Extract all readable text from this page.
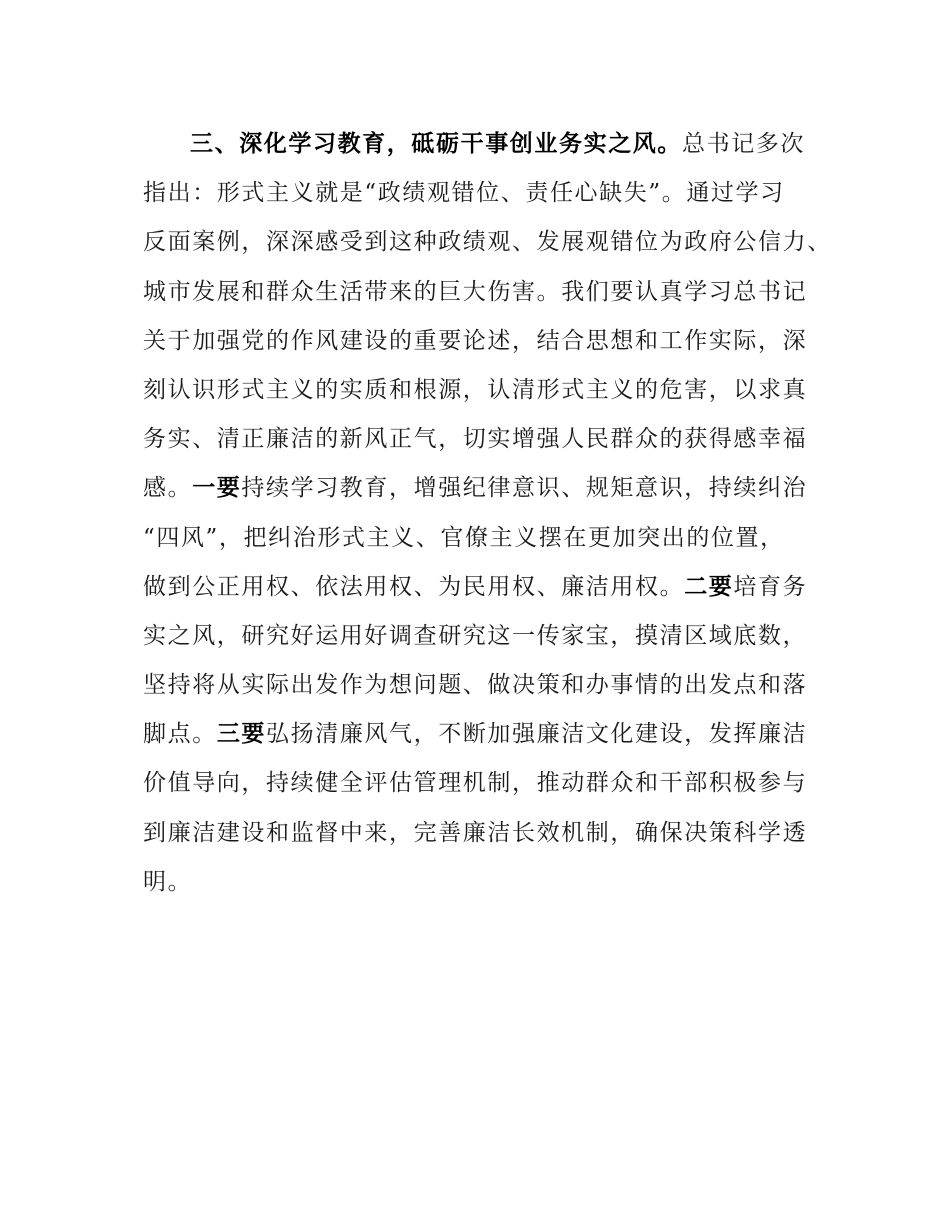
三、深化学习教育，砥砺干事创业务实之风。总书记多次
指出：形式主义就是“政绩观错位、责任心缺失”。通过学习
反面案例，深深感受到这种政绩观、发展观错位为政府公信力、
城市发展和群众生活带来的巨大伤害。我们要认真学习总书记
关于加强党的作风建设的重要论述，结合思想和工作实际，深
刻认识形式主义的实质和根源，认清形式主义的危害，以求真
务实、清正廉洁的新风正气，切实增强人民群众的获得感幸福
感。一要持续学习教育，增强纪律意识、规矩意识，持续纠治
“四风”，把纠治形式主义、官僚主义摆在更加突出的位置，
做到公正用权、依法用权、为民用权、廉洁用权。二要培育务
实之风，研究好运用好调查研究这一传家宝，摸清区域底数，
坚持将从实际出发作为想问题、做决策和办事情的出发点和落
脚点。三要弘扬清廉风气，不断加强廉洁文化建设，发挥廉洁
价值导向，持续健全评估管理机制，推动群众和干部积极参与
到廉洁建设和监督中来，完善廉洁长效机制，确保决策科学透
明。
